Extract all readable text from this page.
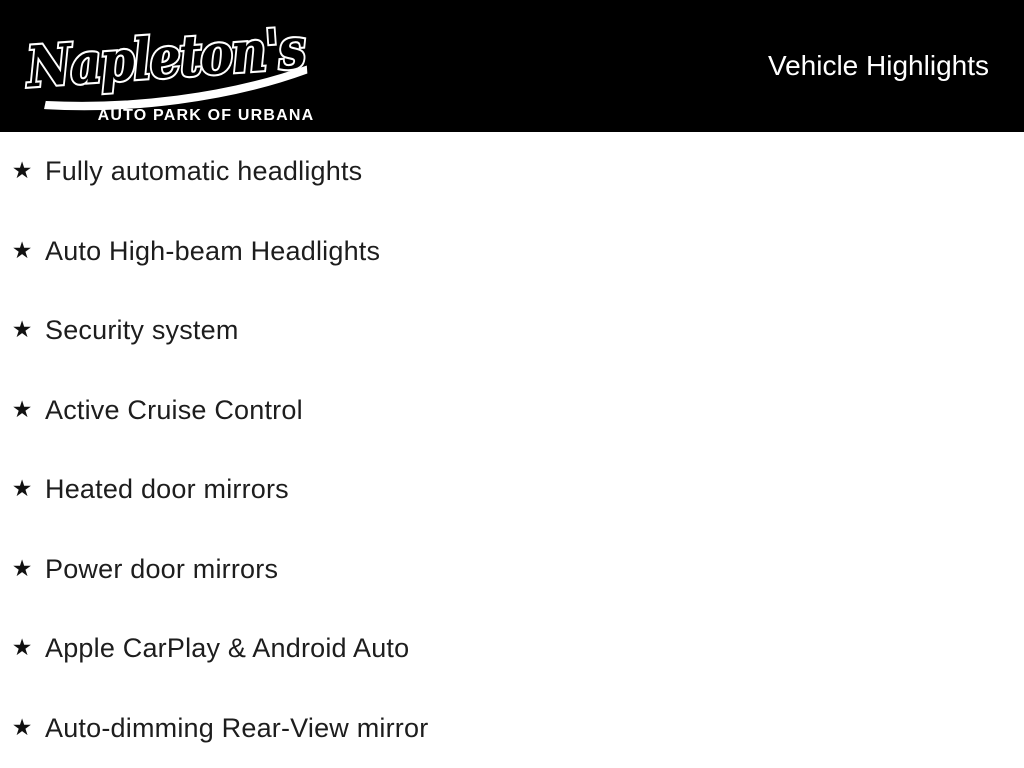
Napleton's
AUTO PARK OF URBANA
Vehicle Highlights
★ Fully automatic headlights
★ Auto High-beam Headlights
★ Security system
★ Active Cruise Control
★ Heated door mirrors
★ Power door mirrors
★ Apple CarPlay & Android Auto
★ Auto-dimming Rear-View mirror
